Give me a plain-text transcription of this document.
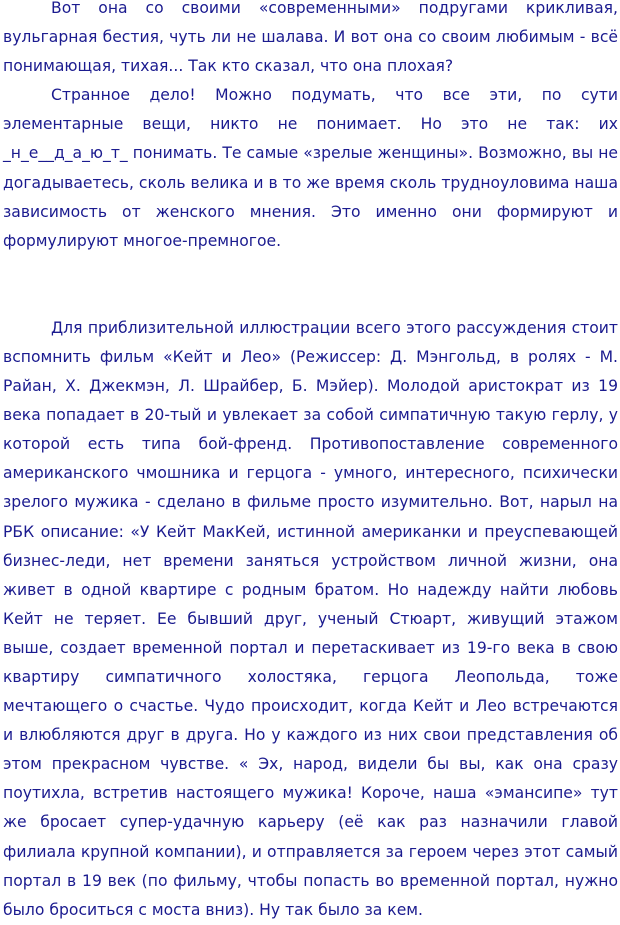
Вот она со своими «современными» подругами крикливая, вульгарная бестия, чуть ли не шалава. И вот она со своим любимым - всё понимающая, тихая... Так кто сказал, что она плохая?

Странное дело! Можно подумать, что все эти, по сути элементарные вещи, никто не понимает. Но это не так: их _н_е__д_а_ю_т_ понимать. Те самые «зрелые женщины». Возможно, вы не догадываетесь, сколь велика и в то же время сколь трудноуловима наша зависимость от женского мнения. Это именно они формируют и формулируют многое-премногое.

Для приблизительной иллюстрации всего этого рассуждения стоит вспомнить фильм «Кейт и Лео» (Режиссер: Д. Мэнгольд, в ролях - М. Райан, Х. Джекмэн, Л. Шрайбер, Б. Мэйер). Молодой аристократ из 19 века попадает в 20-тый и увлекает за собой симпатичную такую герлу, у которой есть типа бой-френд. Противопоставление современного американского чмошника и герцога - умного, интересного, психически зрелого мужика - сделано в фильме просто изумительно. Вот, нарыл на РБК описание: «У Кейт МакКей, истинной американки и преуспевающей бизнес-леди, нет времени заняться устройством личной жизни, она живет в одной квартире с родным братом. Но надежду найти любовь Кейт не теряет. Ее бывший друг, ученый Стюарт, живущий этажом выше, создает временной портал и перетаскивает из 19-го века в свою квартиру симпатичного холостяка, герцога Леопольда, тоже мечтающего о счастье. Чудо происходит, когда Кейт и Лео встречаются и влюбляются друг в друга. Но у каждого из них свои представления об этом прекрасном чувстве. « Эх, народ, видели бы вы, как она сразу поутихла, встретив настоящего мужика! Короче, наша «эмансипе» тут же бросает супер-удачную карьеру (её как раз назначили главой филиала крупной компании), и отправляется за героем через этот самый портал в 19 век (по фильму, чтобы попасть во временной портал, нужно было броситься с моста вниз). Ну так было за кем.
